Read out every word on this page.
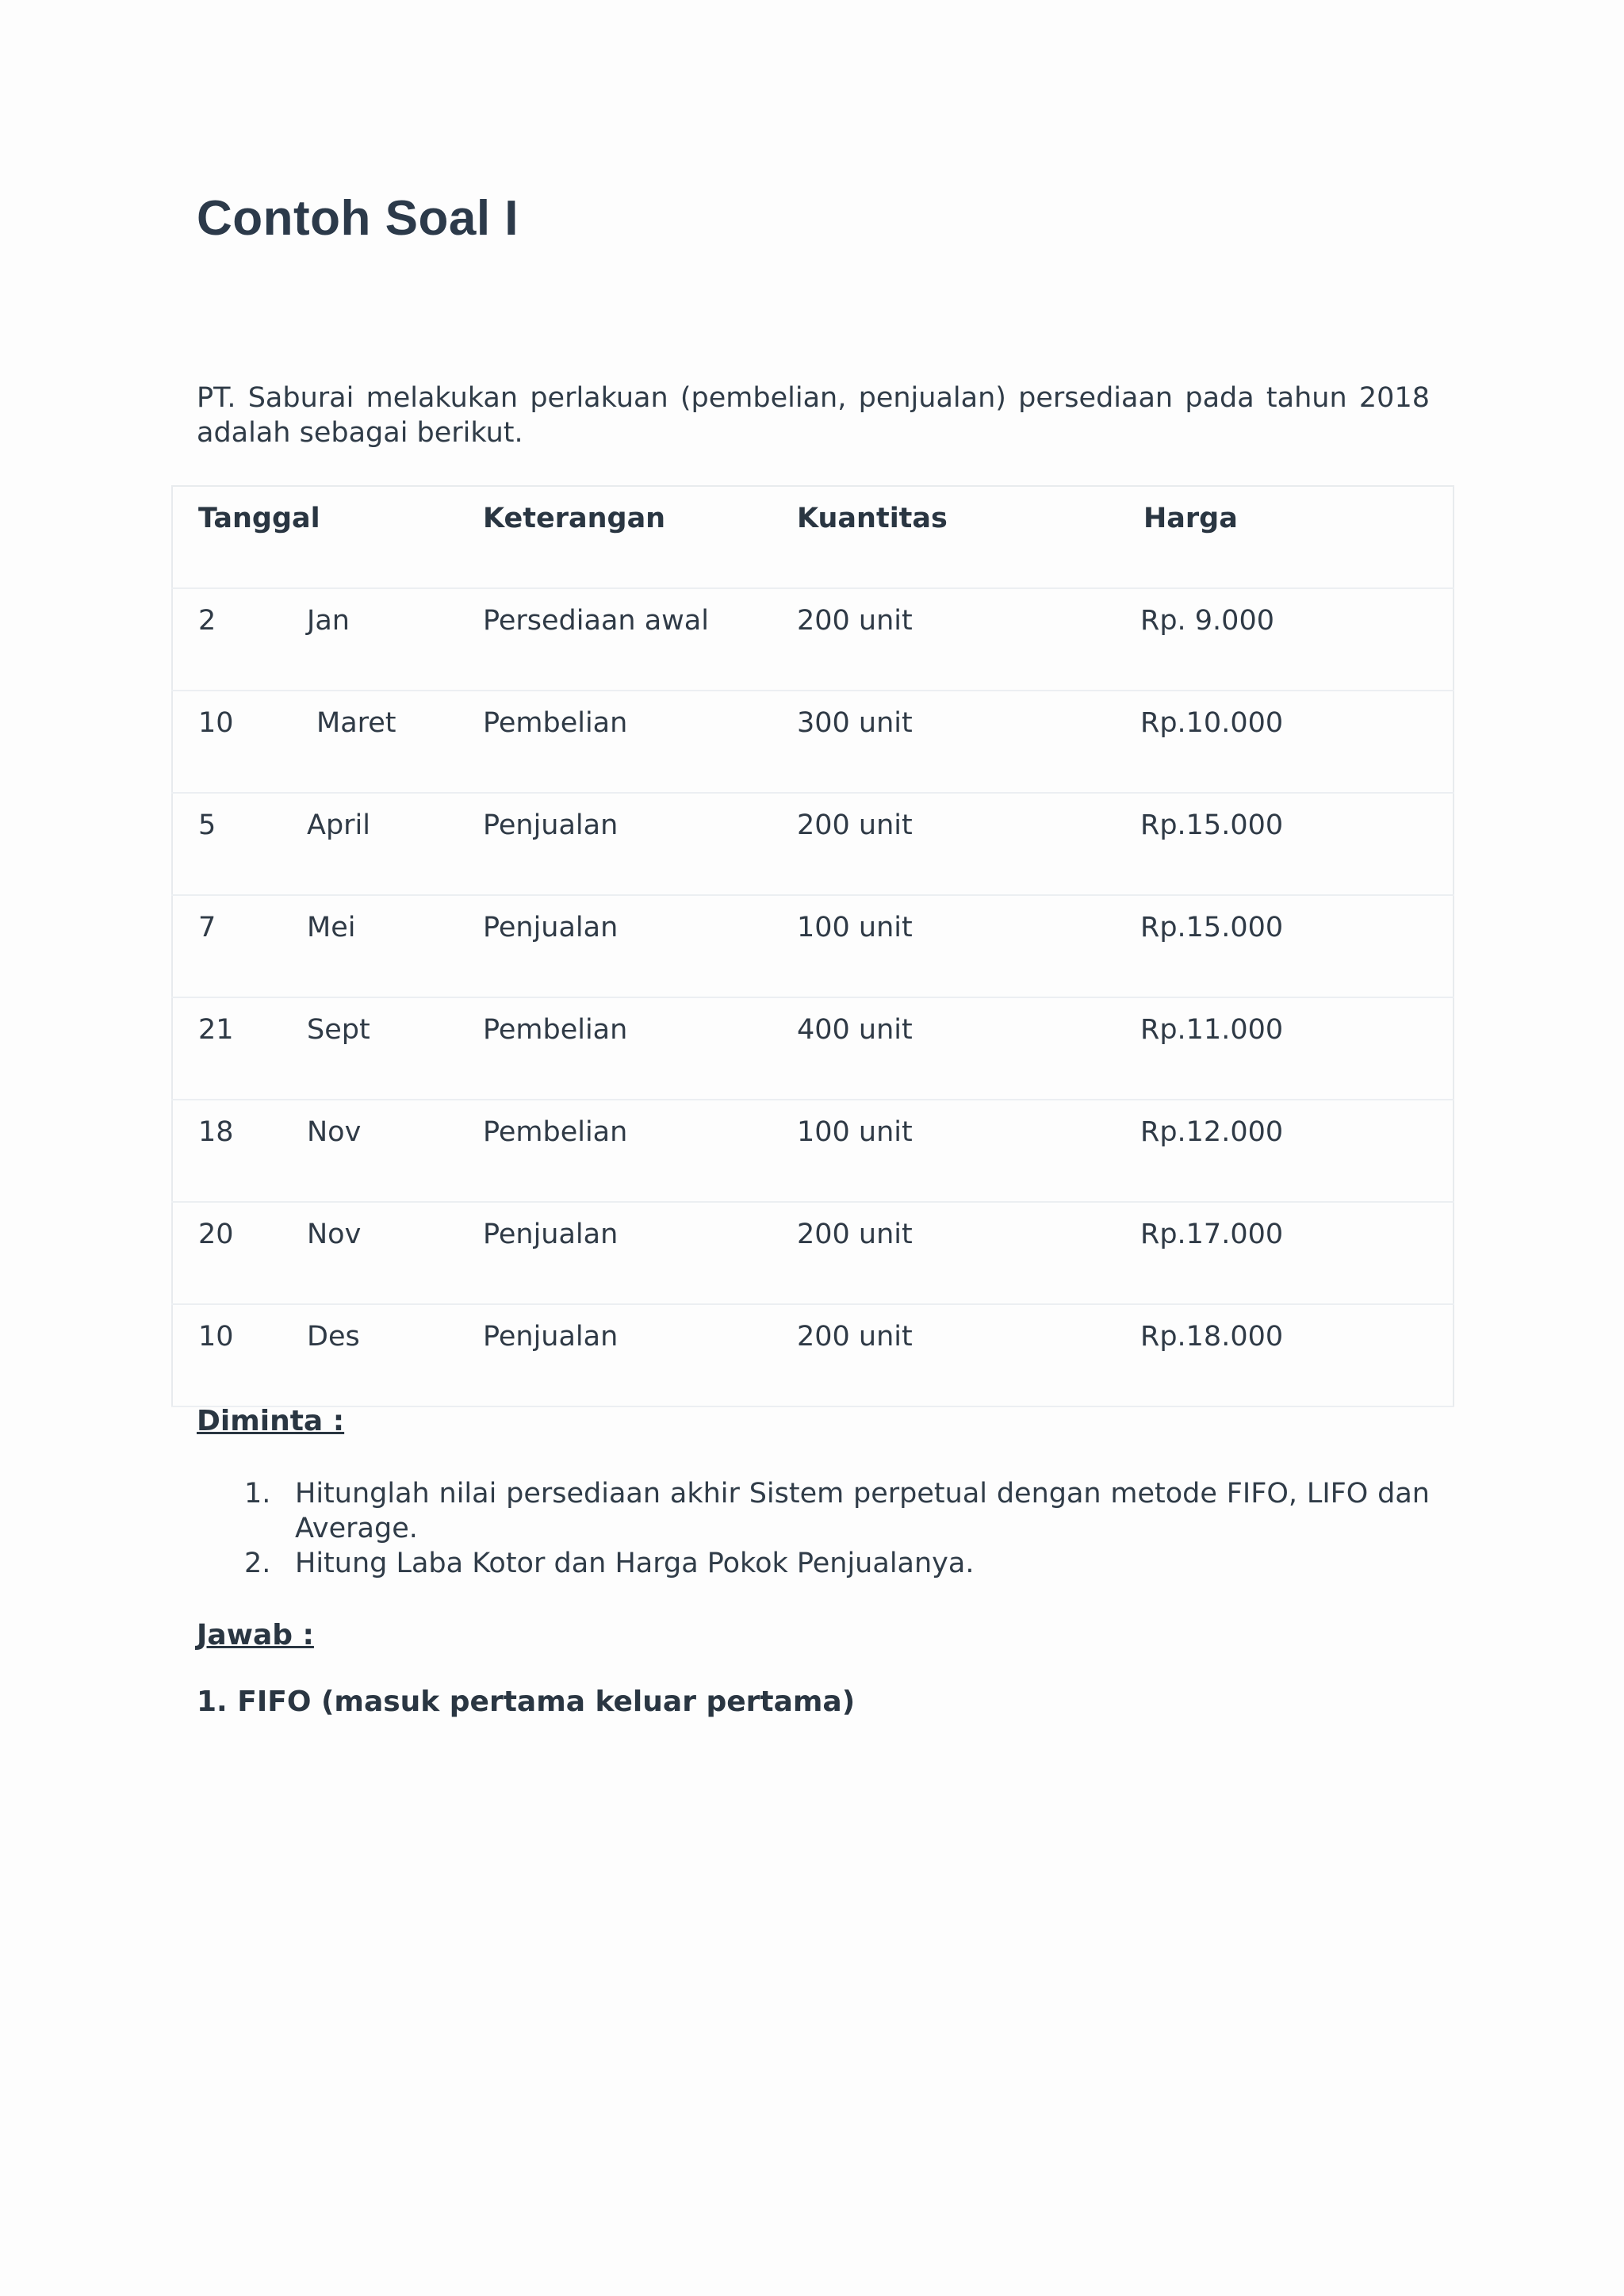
Contoh Soal I

PT. Saburai melakukan perlakuan (pembelian, penjualan) persediaan pada tahun 2018 adalah sebagai berikut.

Tanggal		Keterangan	Kuantitas	Harga

2	Jan	Persediaan awal	200 unit	Rp. 9.000

10	Maret	Pembelian	300 unit	Rp.10.000

5	April	Penjualan	200 unit	Rp.15.000

7	Mei	Penjualan	100 unit	Rp.15.000

21	Sept	Pembelian	400 unit	Rp.11.000

18	Nov	Pembelian	100 unit	Rp.12.000

20	Nov	Penjualan	200 unit	Rp.17.000

10	Des	Penjualan	200 unit	Rp.18.000
Diminta :
1. Hitunglah nilai persediaan akhir Sistem perpetual dengan metode FIFO, LIFO dan Average.
2. Hitung Laba Kotor dan Harga Pokok Penjualanya.
Jawab :
1. FIFO (masuk pertama keluar pertama)
